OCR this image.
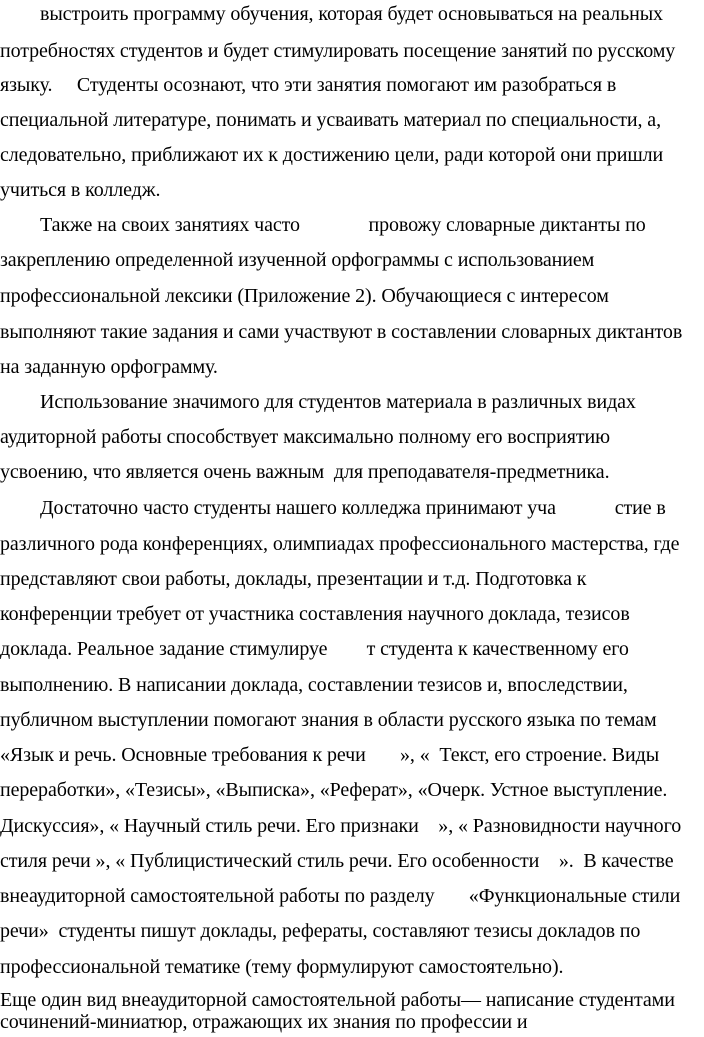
выстроить программу обучения, которая будет основываться на реальных
потребностях студентов и будет стимулировать посещение занятий по русскому
языку.     Студенты осознают, что эти занятия помогают им разобраться в
специальной литературе, понимать и усваивать материал по специальности, а,
следовательно, приближают их к достижению цели, ради которой они пришли
учиться в колледж.
Также на своих занятиях часто              провожу словарные диктанты по
закреплению определенной изученной орфограммы с использованием
профессиональной лексики (Приложение 2). Обучающиеся с интересом
выполняют такие задания и сами участвуют в составлении словарных диктантов
на заданную орфограмму.
Использование значимого для студентов материала в различных видах
аудиторной работы способствует максимально полному его восприятию
усвоению, что является очень важным  для преподавателя-предметника.
Достаточно часто студенты нашего колледжа принимают уча            стие в
различного рода конференциях, олимпиадах профессионального мастерства, где
представляют свои работы, доклады, презентации и т.д. Подготовка к
конференции требует от участника составления научного доклада, тезисов
доклада. Реальное задание стимулируе        т студента к качественному его
выполнению. В написании доклада, составлении тезисов и, впоследствии,
публичном выступлении помогают знания в области русского языка по темам
«Язык и речь. Основные требования к речи       », «  Текст, его строение. Виды
переработки», «Тезисы», «Выписка», «Реферат», «Очерк. Устное выступление.
Дискуссия», « Научный стиль речи. Его признаки    », « Разновидности научного
стиля речи », « Публицистический стиль речи. Его особенности    ».  В качестве
внеаудиторной самостоятельной работы по разделу       «Функциональные стили
речи»  студенты пишут доклады, рефераты, составляют тезисы докладов по
профессиональной тематике (тему формулируют самостоятельно).
Еще один вид внеаудиторной самостоятельной работы— написание студентами
сочинений-миниатюр, отражающих их знания по профессии и
